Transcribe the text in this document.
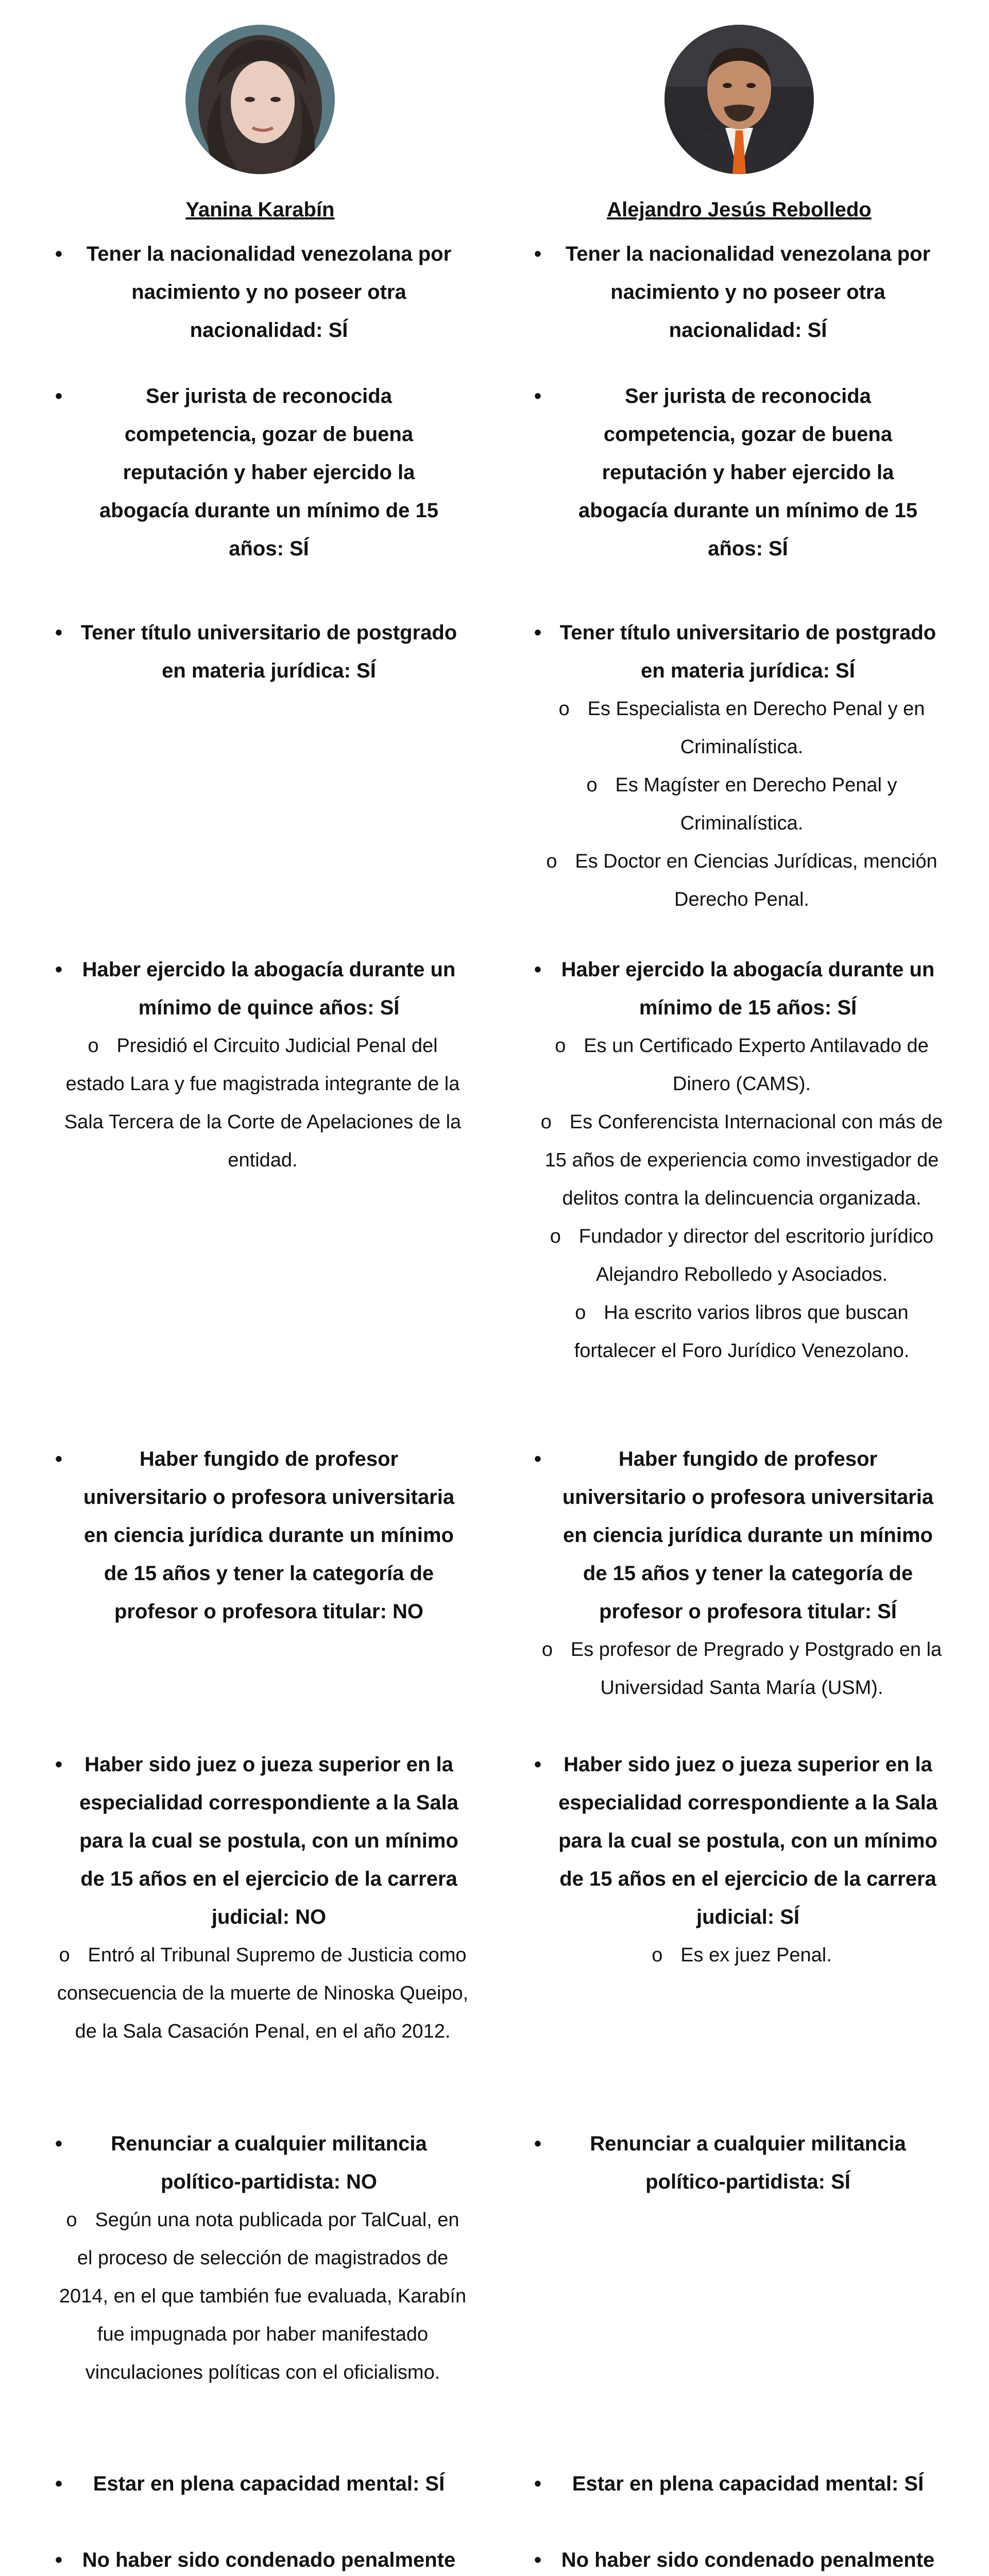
Yanina Karabín
•	Tener la nacionalidad venezolana por nacimiento y no poseer otra nacionalidad: SÍ
•	Ser jurista de reconocida competencia, gozar de buena reputación y haber ejercido la abogacía durante un mínimo de 15 años: SÍ
• Tener título universitario de postgrado en materia jurídica: SÍ
• Haber ejercido la abogacía durante un mínimo de quince años: SÍ
o Presidió el Circuito Judicial Penal del estado Lara y fue magistrada integrante de la Sala Tercera de la Corte de Apelaciones de la entidad.
•	Haber fungido de profesor universitario o profesora universitaria en ciencia jurídica durante un mínimo de 15 años y tener la categoría de profesor o profesora titular: NO
•	Haber sido juez o jueza superior en la especialidad correspondiente a la Sala para la cual se postula, con un mínimo de 15 años en el ejercicio de la carrera judicial: NO
o Entró al Tribunal Supremo de Justicia como consecuencia de la muerte de Ninoska Queipo, de la Sala Casación Penal, en el año 2012.
•	Renunciar a cualquier militancia político-partidista: NO
o Según una nota publicada por TalCual, en el proceso de selección de magistrados de 2014, en el que también fue evaluada, Karabín fue impugnada por haber manifestado vinculaciones políticas con el oficialismo.
•	Estar en plena capacidad mental: SÍ
• No haber sido condenado penalmente
Alejandro Jesús Rebolledo
•	Tener la nacionalidad venezolana por nacimiento y no poseer otra nacionalidad: SÍ
•	Ser jurista de reconocida competencia, gozar de buena reputación y haber ejercido la abogacía durante un mínimo de 15 años: SÍ
• Tener título universitario de postgrado en materia jurídica: SÍ
o Es Especialista en Derecho Penal y en Criminalística.
o Es Magíster en Derecho Penal y Criminalística.
o Es Doctor en Ciencias Jurídicas, mención Derecho Penal.
• Haber ejercido la abogacía durante un mínimo de 15 años: SÍ
o Es un Certificado Experto Antilavado de Dinero (CAMS).
o Es Conferencista Internacional con más de 15 años de experiencia como investigador de delitos contra la delincuencia organizada.
o Fundador y director del escritorio jurídico Alejandro Rebolledo y Asociados.
o Ha escrito varios libros que buscan fortalecer el Foro Jurídico Venezolano.
•	Haber fungido de profesor universitario o profesora universitaria en ciencia jurídica durante un mínimo de 15 años y tener la categoría de profesor o profesora titular: SÍ
o Es profesor de Pregrado y Postgrado en la Universidad Santa María (USM).
•	Haber sido juez o jueza superior en la especialidad correspondiente a la Sala para la cual se postula, con un mínimo de 15 años en el ejercicio de la carrera judicial: SÍ
o Es ex juez Penal.
•	Renunciar a cualquier militancia político-partidista: SÍ
•	Estar en plena capacidad mental: SÍ
• No haber sido condenado penalmente
